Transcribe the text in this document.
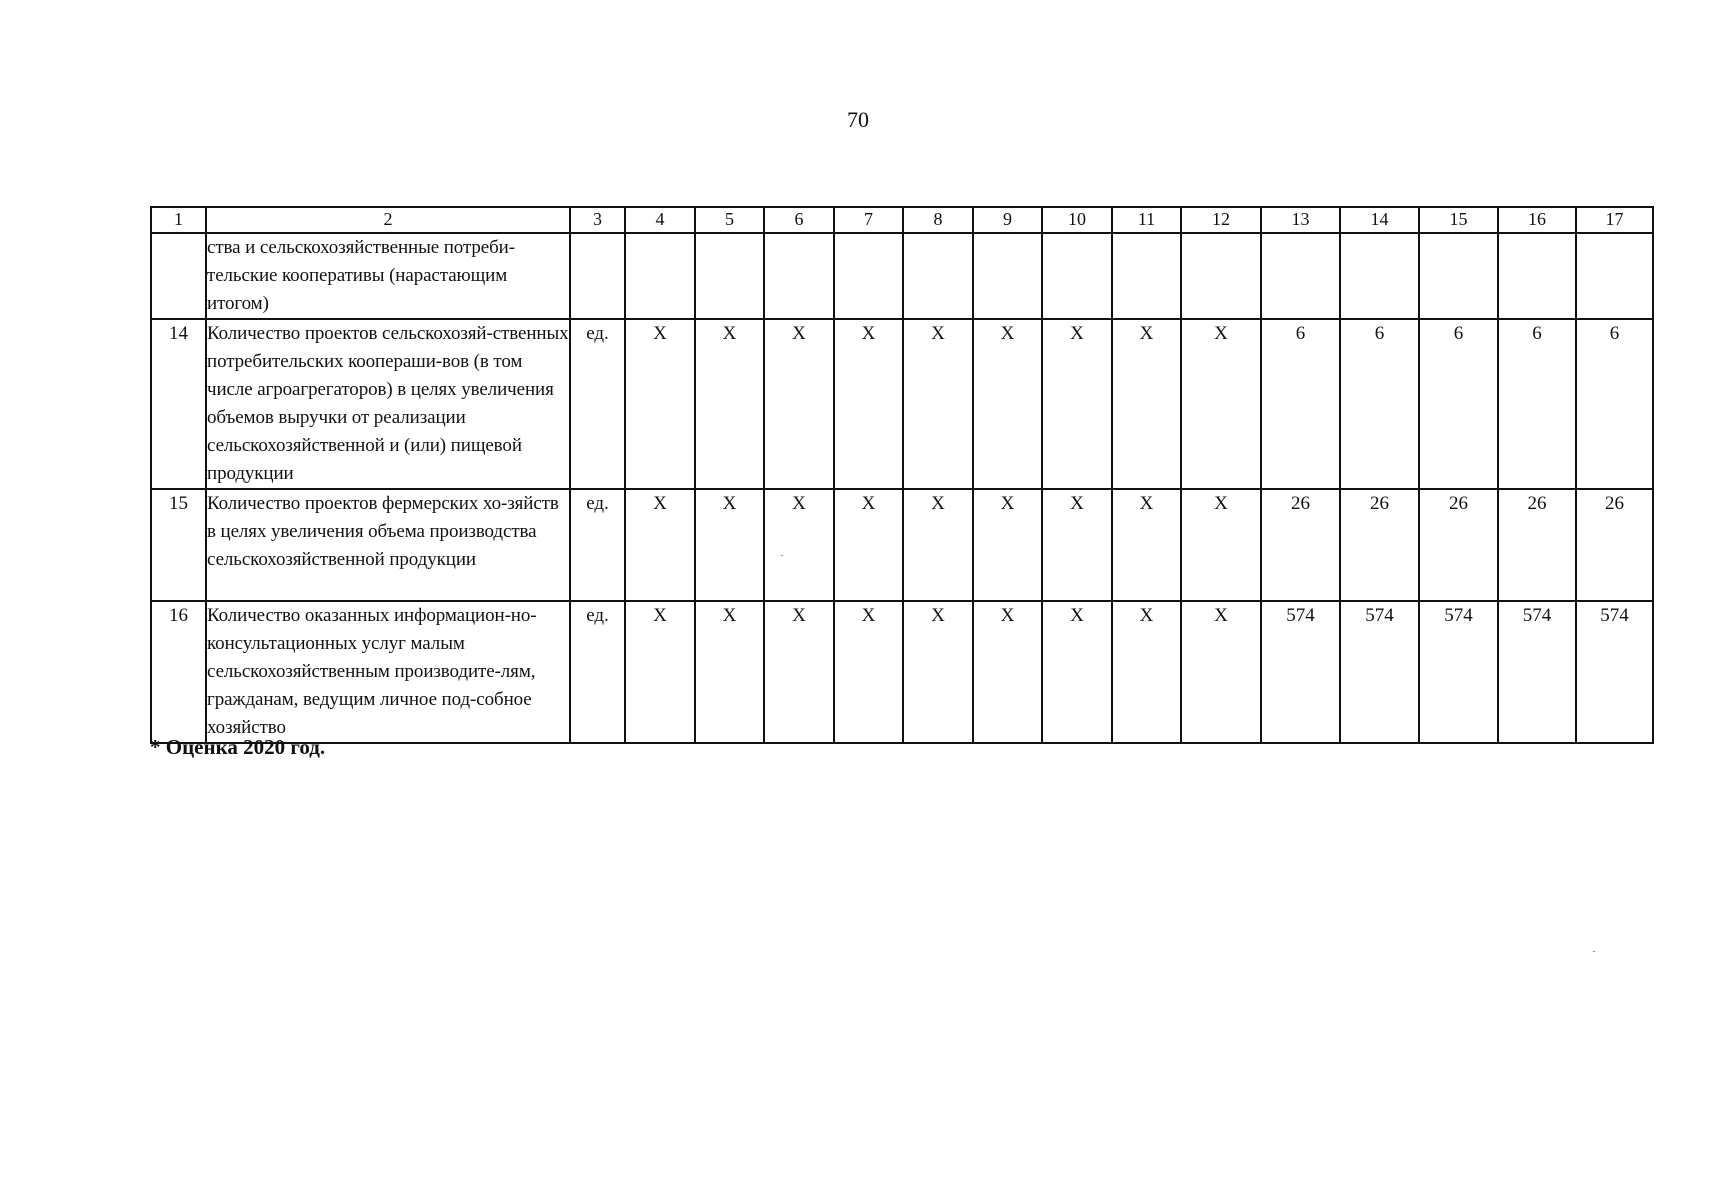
70
1	2	3	4	5	6	7	8	9	10	11	12	13	14	15	16	17
	ства и сельскохозяйственные потреби-тельские кооперативы (нарастающим итогом)															
14	Количество проектов сельскохозяй-ственных потребительских коопераши-вов (в том числе агроагрегаторов) в целях увеличения объемов выручки от реализации сельскохозяйственной и (или) пищевой продукции	ед.	X	X	X	X	X	X	X	X	X	6	6	6	6	6
15	Количество проектов фермерских хо-зяйств в целях увеличения объема производства сельскохозяйственной продукции	ед.	X	X	X	X	X	X	X	X	X	26	26	26	26	26
16	Количество оказанных информацион-но-консультационных услуг малым сельскохозяйственным производите-лям, гражданам, ведущим личное под-собное хозяйство	ед.	X	X	X	X	X	X	X	X	X	574	574	574	574	574
* Оценка 2020 год.
